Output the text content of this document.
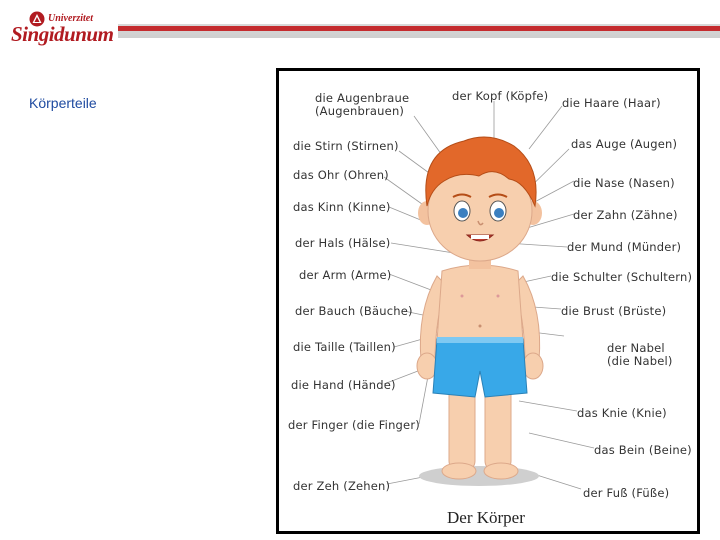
Univerzitet
Singidunum
Körperteile	die Augenbraue
(Augenbrauen)
der Kopf (Köpfe) die Haare (Haar)
die Stirn (Stirnen)	das Auge (Augen)
das Ohr (Ohren)
die Nase (Nasen)
das Kinn (Kinne)
der Zahn (Zähne)
der Hals (Hälse)	der Mund (Münder)
der Arm (Arme)	die Schulter (Schultern)
der Bauch (Bäuche)	die Brust (Brüste)
die Taille (Taillen)	der Nabel
(die Nabel)
die Hand (Hände)
das Knie (Knie)
der Finger (die Finger)
das Bein (Beine)
der Zeh (Zehen)	der Fuß (Füße)
Der Körper
